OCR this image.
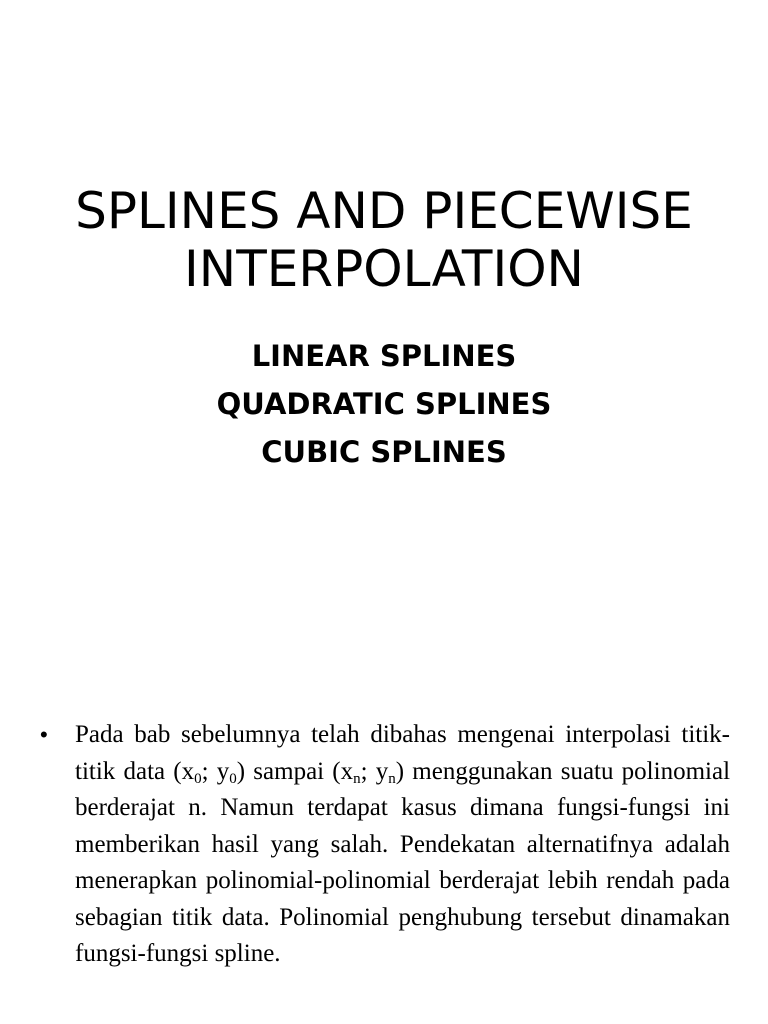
SPLINES AND PIECEWISE
INTERPOLATION
LINEAR SPLINES
QUADRATIC SPLINES
CUBIC SPLINES
•	Pada bab sebelumnya telah dibahas mengenai interpolasi titik-titik data ($x_0$; $y_0$) sampai ($x_n$; $y_n$) menggunakan suatu polinomial berderajat n. Namun terdapat kasus dimana fungsi-fungsi ini memberikan hasil yang salah. Pendekatan alternatifnya adalah menerapkan polinomial-polinomial berderajat lebih rendah pada sebagian titik data. Polinomial penghubung tersebut dinamakan fungsi-fungsi spline.
